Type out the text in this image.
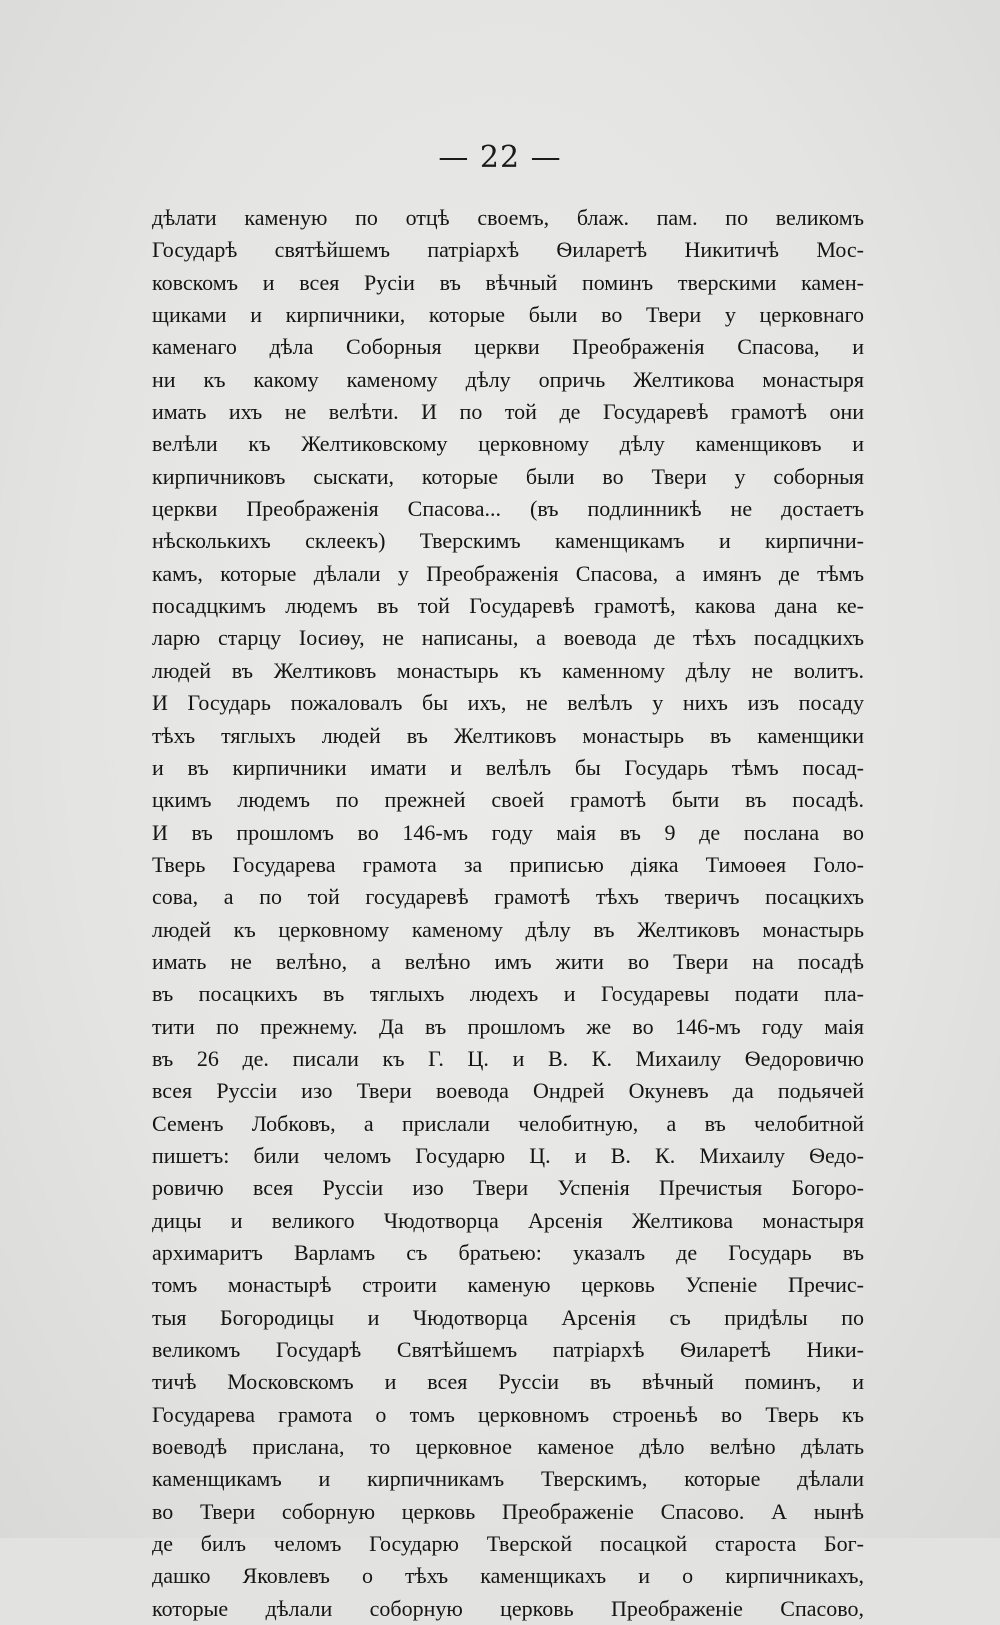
— 22 —
дѣлати каменую по отцѣ своемъ, блаж. пам. по великомъ
Государѣ святѣйшемъ патріархѣ Ѳиларетѣ Никитичѣ Мос-
ковскомъ и всея Русіи въ вѣчный поминъ тверскими камен-
щиками и кирпичники, которые были во Твери у церковнаго
каменаго дѣла Соборныя церкви Преображенія Спасова, и
ни къ какому каменому дѣлу опричь Желтикова монастыря
имать ихъ не велѣти. И по той де Государевѣ грамотѣ они
велѣли къ Желтиковскому церковному дѣлу каменщиковъ и
кирпичниковъ сыскати, которые были во Твери у соборныя
церкви Преображенія Спасова... (въ подлинникѣ не достаетъ
нѣсколькихъ склеекъ) Тверскимъ каменщикамъ и кирпични-
камъ, которые дѣлали у Преображенія Спасова, а имянъ де тѣмъ
посадцкимъ людемъ въ той Государевѣ грамотѣ, какова дана ке-
ларю старцу Іосиѳу, не написаны, а воевода де тѣхъ посадцкихъ
людей въ Желтиковъ монастырь къ каменному дѣлу не волитъ.
И Государь пожаловалъ бы ихъ, не велѣлъ у нихъ изъ посаду
тѣхъ тяглыхъ людей въ Желтиковъ монастырь въ каменщики
и въ кирпичники имати и велѣлъ бы Государь тѣмъ посад-
цкимъ людемъ по прежней своей грамотѣ быти въ посадѣ.
И въ прошломъ во 146-мъ году маія въ 9 де послана во
Тверь Государева грамота за приписью дiяка Тимоѳея Голо-
сова, а по той государевѣ грамотѣ тѣхъ тверичъ посацкихъ
людей къ церковному каменому дѣлу въ Желтиковъ монастырь
имать не велѣно, а велѣно имъ жити во Твери на посадѣ
въ посацкихъ въ тяглыхъ людехъ и Государевы подати пла-
тити по прежнему. Да въ прошломъ же во 146-мъ году маія
въ 26 де. писали къ Г. Ц. и В. К. Михаилу Ѳедоровичю
всея Руссіи изо Твери воевода Ондрей Окуневъ да подьячей
Семенъ Лобковъ, а прислали челобитную, а въ челобитной
пишетъ: били челомъ Государю Ц. и В. К. Михаилу Ѳедо-
ровичю всея Руссіи изо Твери Успенія Пречистыя Богоро-
дицы и великого Чюдотворца Арсенія Желтикова монастыря
архимаритъ Варламъ съ братьею: указалъ де Государь въ
томъ монастырѣ строити каменую церковь Успеніе Пречис-
тыя Богородицы и Чюдотворца Арсенія съ придѣлы по
великомъ Государѣ Святѣйшемъ патріархѣ Ѳиларетѣ Ники-
тичѣ Московскомъ и всея Руссіи въ вѣчный поминъ, и
Государева грамота о томъ церковномъ строеньѣ во Тверь къ
воеводѣ прислана, то церковное каменое дѣло велѣно дѣлать
каменщикамъ и кирпичникамъ Тверскимъ, которые дѣлали
во Твери соборную церковь Преображеніе Спасово. А нынѣ
де билъ челомъ Государю Тверской посацкой староста Бог-
дашко Яковлевъ о тѣхъ каменщикахъ и о кирпичникахъ,
которые дѣлали соборную церковь Преображеніе Спасово,
